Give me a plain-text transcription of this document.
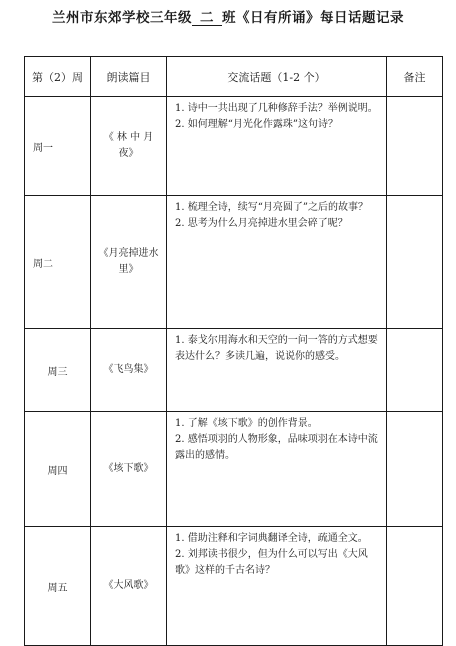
兰州市东郊学校三年级 二 班《日有所诵》每日话题记录
第（2）周	朗读篇目	交流话题（1-2 个）	备注
周一	《 林 中 月 夜》	1. 诗中一共出现了几种修辞手法？举例说明。
2. 如何理解“月光化作露珠”这句诗？	

周二	《月亮掉进水里》	1. 梳理全诗，续写“月亮圆了”之后的故事？
2. 思考为什么月亮掉进水里会碎了呢？	

周三	《飞鸟集》	1. 泰戈尔用海水和天空的一问一答的方式想要表达什么？多读几遍，说说你的感受。	

周四	《垓下歌》	1. 了解《垓下歌》的创作背景。
2. 感悟项羽的人物形象，品味项羽在本诗中流露出的感情。	

周五	《大风歌》	1. 借助注释和字词典翻译全诗，疏通全文。
2. 刘邦读书很少，但为什么可以写出《大风歌》这样的千古名诗？	
